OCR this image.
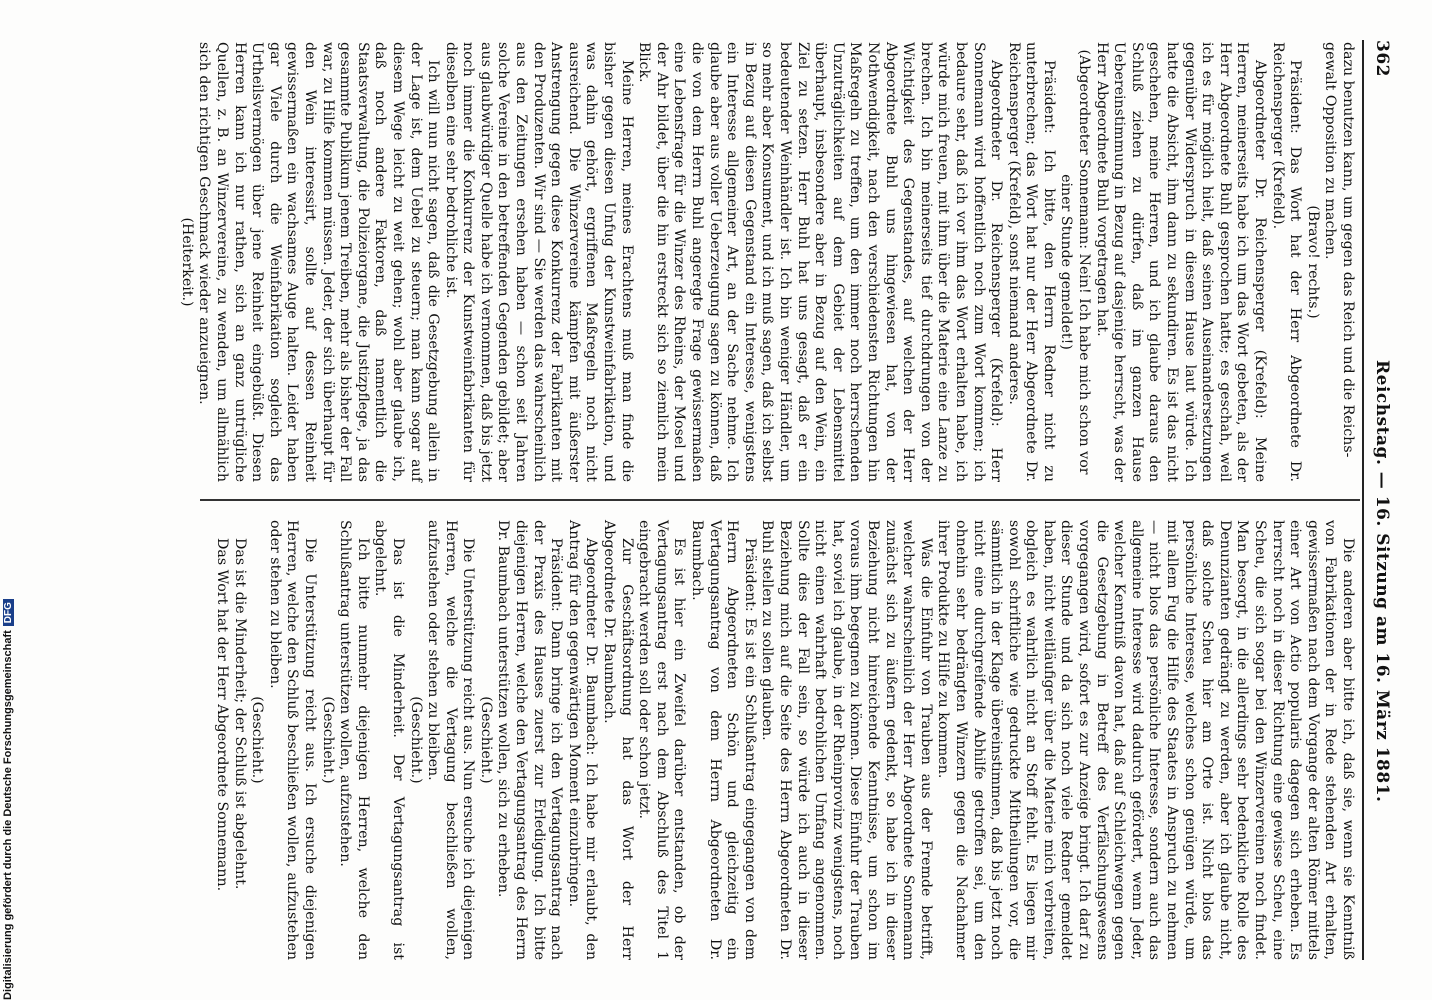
362
Reichstag. — 16. Sitzung am 16. März 1881.

dazu benutzen kann, um gegen das Reich und die Reichs-

gewalt Opposition zu machen.

(Bravo! rechts.)

Präsident: Das Wort hat der Herr Abgeordnete Dr. Reichensperger (Krefeld).

Abgeordneter Dr. Reichensperger (Krefeld): Meine Herren, meinerseits habe ich um das Wort gebeten, als der Herr Abgeordnete Buhl gesprochen hatte; es geschah, weil ich es für möglich hielt, daß seinen Auseinandersetzungen gegenüber Widerspruch in diesem Hause laut würde. Ich hatte die Absicht, ihm dann zu sekundiren. Es ist das nicht geschehen, meine Herren, und ich glaube daraus den Schluß ziehen zu dürfen, daß im ganzen Hause Uebereinstimmung in Bezug auf dasjenige herrscht, was der Herr Abgeordnete Buhl vorgetragen hat.

(Abgeordneter Sonnemann: Nein! Ich habe mich schon vor einer Stunde gemeldet!)

Präsident: Ich bitte, den Herrn Redner nicht zu unterbrechen; das Wort hat nur der Herr Abgeordnete Dr. Reichensperger (Krefeld), sonst niemand anderes.

Abgeordneter Dr. Reichensperger (Krefeld): Herr Sonnemann wird hoffentlich noch zum Wort kommen; ich bedaure sehr, daß ich vor ihm das Wort erhalten habe, ich würde mich freuen, mit ihm über die Materie eine Lanze zu brechen. Ich bin meinerseits tief durchdrungen von der Wichtigkeit des Gegenstandes, auf welchen der Herr Abgeordnete Buhl uns hingewiesen hat, von der Nothwendigkeit, nach den verschiedensten Richtungen hin Maßregeln zu treffen, um den immer noch herrschenden Unzuträglichkeiten auf dem Gebiet der Lebensmittel überhaupt, insbesondere aber in Bezug auf den Wein, ein Ziel zu setzen. Herr Buhl hat uns gesagt, daß er ein bedeutender Weinhändler ist. Ich bin weniger Händler, um so mehr aber Konsument, und ich muß sagen, daß ich selbst in Bezug auf diesen Gegenstand ein Interesse, wenigstens ein Interesse allgemeiner Art, an der Sache nehme. Ich glaube aber aus voller Ueberzeugung sagen zu können, daß die von dem Herrn Buhl angeregte Frage gewissermaßen eine Lebensfrage für die Winzer des Rheins, der Mosel und der Ahr bildet, über die hin erstreckt sich so ziemlich mein Blick.

Meine Herren, meines Erachtens muß man finde die bisher gegen diesen Unfug der Kunstweinfabrikation, und was dahin gehört, ergriffenen Maßregeln noch nicht ausreichend. Die Winzervereine kämpfen mit äußerster Anstrengung gegen diese Konkurrenz der Fabrikanten mit den Produzenten. Wir sind — Sie werden das wahrscheinlich aus den Zeitungen ersehen haben — schon seit Jahren solche Vereine in den betreffenden Gegenden gebildet; aber aus glaubwürdiger Quelle habe ich vernommen, daß bis jetzt noch immer die Konkurrenz der Kunstweinfabrikanten für dieselben eine sehr bedrohliche ist.

Ich will nun nicht sagen, daß die Gesetzgebung allein in der Lage ist, dem Uebel zu steuern; man kann sogar auf diesem Wege leicht zu weit gehen; wohl aber glaube ich, daß noch andere Faktoren, daß namentlich die Staatsverwaltung, die Polizeiorgane, die Justizpflege, ja das gesammte Publikum jenem Treiben, mehr als bisher der Fall war, zu Hilfe kommen müssen. Jeder, der sich überhaupt für den Wein interessirt, sollte auf dessen Reinheit gewissermaßen ein wachsames Auge halten. Leider haben gar Viele durch die Weinfabrikation sogleich das Urtheilsvermögen über jene Reinheit eingebüßt. Diesen Herren kann ich nur rathen, sich an ganz untrügliche Quellen, z. B. an Winzervereine, zu wenden, um allmählich sich den richtigen Geschmack wieder anzueignen.

(Heiterkeit.)

Die anderen aber bitte ich, daß sie, wenn sie Kenntniß von Fabrikationen der in Rede stehenden Art erhalten, gewissermaßen nach dem Vorgange der alten Römer mittels einer Art von Actio popularis dagegen sich erheben. Es herrscht noch in dieser Richtung eine gewisse Scheu, eine Scheu, die sich sogar bei den Winzervereinen noch findet. Man besorgt, in die allerdings sehr bedenkliche Rolle des Denunzianten gedrängt zu werden, aber ich glaube nicht, daß solche Scheu hier am Orte ist. Nicht blos das persönliche Interesse, welches schon genügen würde, um mit allem Fug die Hilfe des Staates in Anspruch zu nehmen — nicht blos das persönliche Interesse, sondern auch das allgemeine Interesse wird dadurch gefördert, wenn Jeder, welcher Kenntniß davon hat, daß auf Schleichwegen gegen die Gesetzgebung in Betreff des Verfälschungswesens vorgegangen wird, sofort es zur Anzeige bringt. Ich darf zu dieser Stunde und da sich noch viele Redner gemeldet haben, nicht weitläufiger über die Materie mich verbreiten, obgleich es wahrlich nicht an Stoff fehlt. Es liegen mir sowohl schriftliche wie gedruckte Mittheilungen vor, die sämmtlich in der Klage übereinstimmen, daß bis jetzt noch nicht eine durchgreifende Abhilfe getroffen sei, um den ohnehin sehr bedrängten Winzern gegen die Nachahmer ihrer Produkte zu Hilfe zu kommen.

Was die Einfuhr von Trauben aus der Fremde betrifft, welcher wahrscheinlich der Herr Abgeordnete Sonnemann zunächst sich zu äußern gedenkt, so habe ich in dieser Beziehung nicht hinreichende Kenntnisse, um schon im voraus ihm begegnen zu können. Diese Einfuhr der Trauben hat, soviel ich glaube, in der Rheinprovinz wenigstens, noch nicht einen wahrhaft bedrohlichen Umfang angenommen. Sollte dies der Fall sein, so würde ich auch in dieser Beziehung mich auf die Seite des Herrn Abgeordneten Dr. Buhl stellen zu sollen glauben.

Präsident: Es ist ein Schlußantrag eingegangen von dem Herrn Abgeordneten Schön und gleichzeitig ein Vertagungsantrag von dem Herrn Abgeordneten Dr. Baumbach.

Es ist hier ein Zweifel darüber entstanden, ob der Vertagungsantrag erst nach dem Abschluß des Titel 1 eingebracht werden soll oder schon jetzt.

Zur Geschäftsordnung hat das Wort der Herr Abgeordnete Dr. Baumbach.

Abgeordneter Dr. Baumbach: Ich habe mir erlaubt, den Antrag für den gegenwärtigen Moment einzubringen.

Präsident: Dann bringe ich den Vertagungsantrag nach der Praxis des Hauses zuerst zur Erledigung. Ich bitte diejenigen Herren, welche den Vertagungsantrag des Herrn Dr. Baumbach unterstützen wollen, sich zu erheben.

(Geschieht.)

Die Unterstützung reicht aus. Nun ersuche ich diejenigen Herren, welche die Vertagung beschließen wollen, aufzustehen oder stehen zu bleiben.

(Geschieht.)

Das ist die Minderheit. Der Vertagungsantrag ist abgelehnt.

Ich bitte nunmehr diejenigen Herren, welche den Schlußantrag unterstützen wollen, aufzustehen.

(Geschieht.)

Die Unterstützung reicht aus. Ich ersuche diejenigen Herren, welche den Schluß beschließen wollen, aufzustehen oder stehen zu bleiben.

(Geschieht.)

Das ist die Minderheit; der Schluß ist abgelehnt.

Das Wort hat der Herr Abgeordnete Sonnemann.

Digitalisierung gefördert durch die Deutsche ForschungsgemeinschaftDFG
